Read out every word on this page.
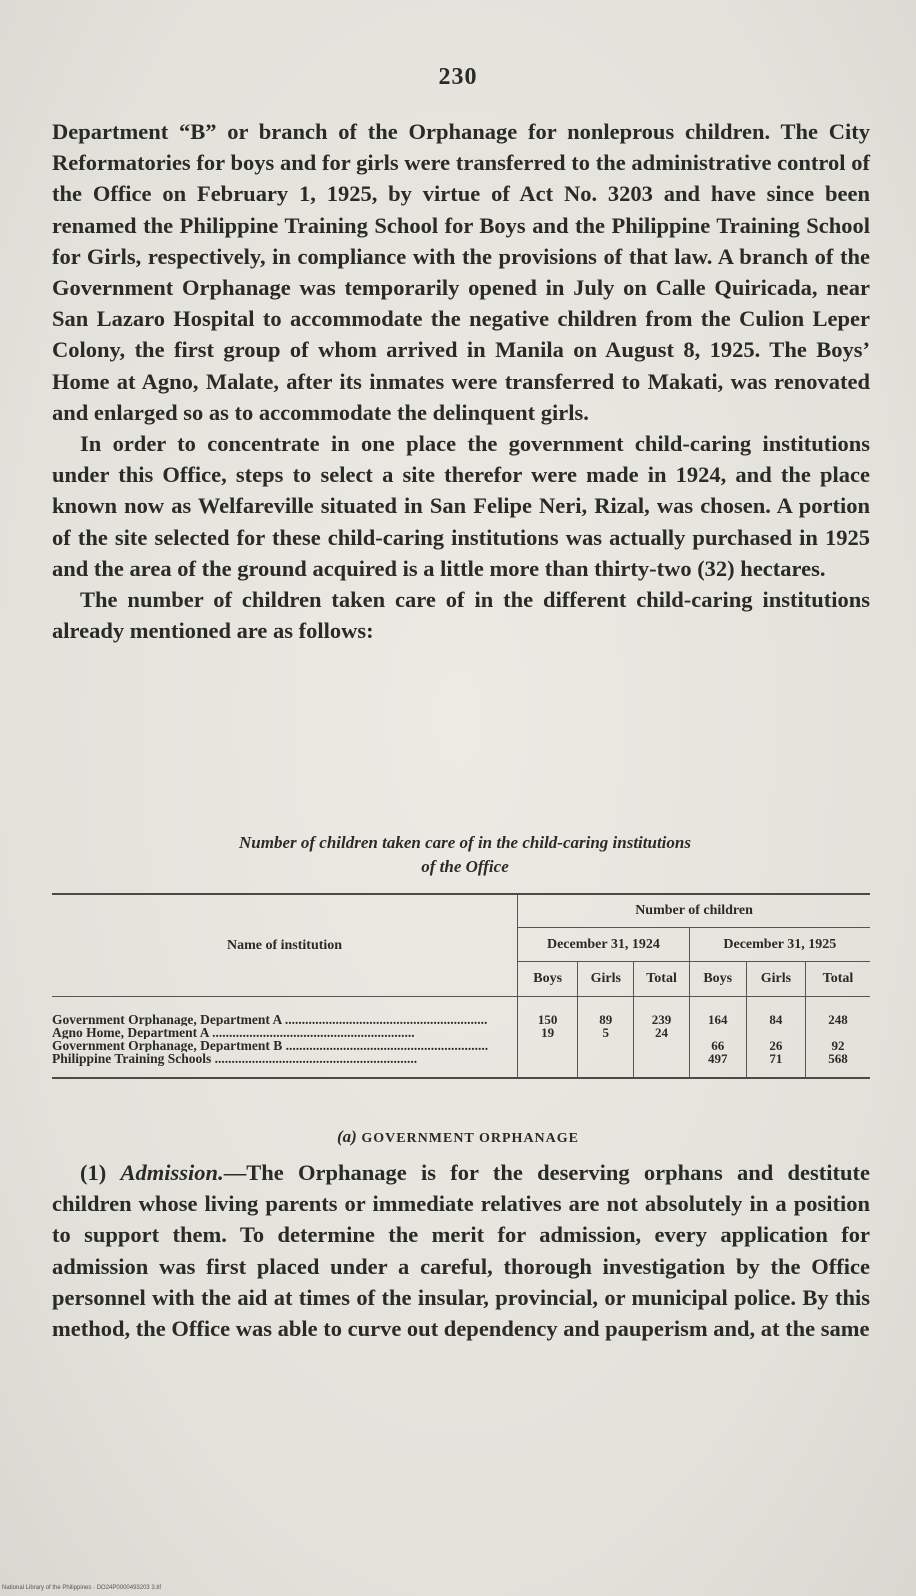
230

Department “B” or branch of the Orphanage for nonleprous children. The City Reformatories for boys and for girls were transferred to the administrative control of the Office on February 1, 1925, by virtue of Act No. 3203 and have since been renamed the Philippine Training School for Boys and the Philippine Training School for Girls, respectively, in compliance with the provisions of that law. A branch of the Government Orphanage was temporarily opened in July on Calle Quiricada, near San Lazaro Hospital to accommodate the negative children from the Culion Leper Colony, the first group of whom arrived in Manila on August 8, 1925. The Boys’ Home at Agno, Malate, after its inmates were transferred to Makati, was renovated and enlarged so as to accommodate the delinquent girls.

In order to concentrate in one place the government child-caring institutions under this Office, steps to select a site therefor were made in 1924, and the place known now as Welfareville situated in San Felipe Neri, Rizal, was chosen. A portion of the site selected for these child-caring institutions was actually purchased in 1925 and the area of the ground acquired is a little more than thirty-two (32) hectares.

The number of children taken care of in the different child-caring institutions already mentioned are as follows:

Number of children taken care of in the child-caring institutions
of the Office
Name of institution	Number of children					
	December 31, 1924			December 31, 1925		
	Boys	Girls	Total	Boys	Girls	Total
Government Orphanage, Department A ............................................................	150	89	239	164	84	248
Agno Home, Department A ............................................................	19	5	24			
Government Orphanage, Department B ............................................................				66	26	92
Philippine Training Schools ............................................................				497	71	568
(a) GOVERNMENT ORPHANAGE

(1) Admission.—The Orphanage is for the deserving orphans and destitute children whose living parents or immediate relatives are not absolutely in a position to support them. To determine the merit for admission, every application for admission was first placed under a careful, thorough investigation by the Office personnel with the aid at times of the insular, provincial, or municipal police. By this method, the Office was able to curve out dependency and pauperism and, at the same

National Library of the Philippines · DO24P0000493203 3.tif
